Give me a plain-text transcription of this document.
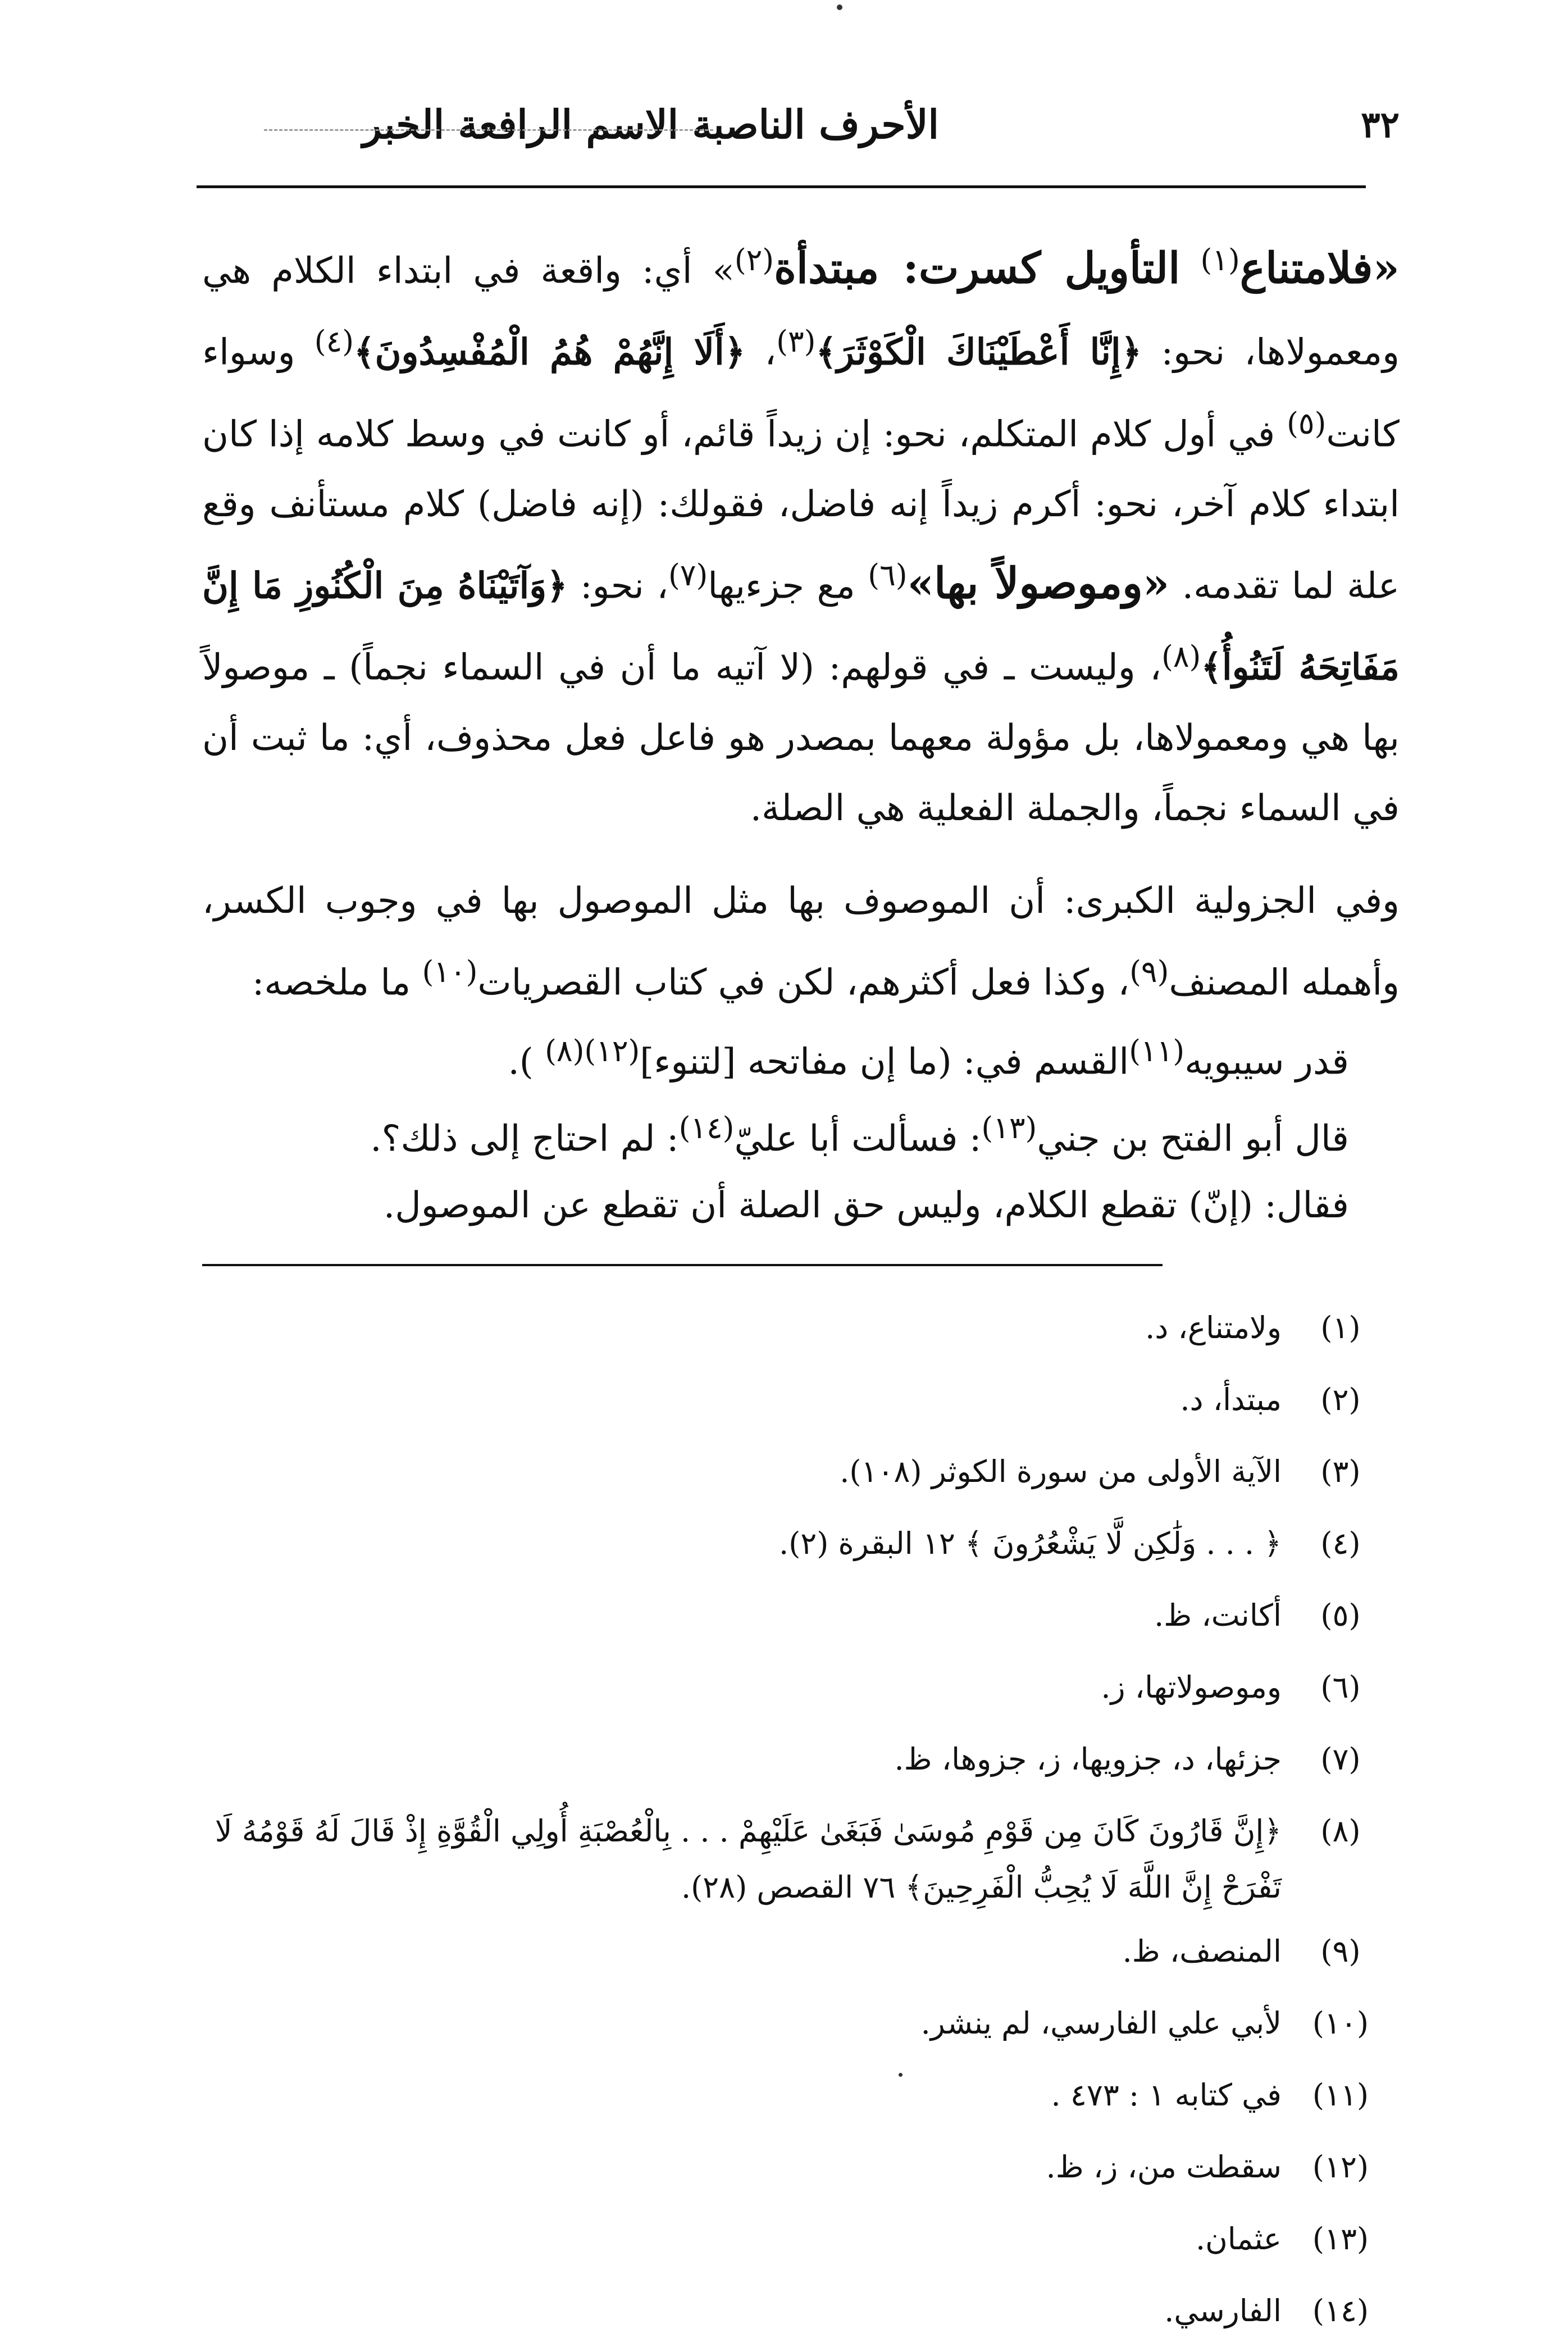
٣٢
الأحرف الناصبة الاسم الرافعة الخبر

«فلامتناع$^{(١)}$ التأويل كسرت: مبتدأة$^{(٢)}$» أي: واقعة في ابتداء الكلام هي ومعمولاها، نحو: ﴿إِنَّا أَعْطَيْنَاكَ الْكَوْثَرَ﴾$^{(٣)}$، ﴿أَلَا إِنَّهُمْ هُمُ الْمُفْسِدُونَ﴾$^{(٤)}$ وسواء كانت$^{(٥)}$ في أول كلام المتكلم، نحو: إن زيداً قائم، أو كانت في وسط كلامه إذا كان ابتداء كلام آخر، نحو: أكرم زيداً إنه فاضل، فقولك: (إنه فاضل) كلام مستأنف وقع علة لما تقدمه. «وموصولاً بها»$^{(٦)}$ مع جزءيها$^{(٧)}$، نحو: ﴿وَآتَيْنَاهُ مِنَ الْكُنُوزِ مَا إِنَّ مَفَاتِحَهُ لَتَنُوأُ﴾$^{(٨)}$، وليست ـ في قولهم: (لا آتيه ما أن في السماء نجماً) ـ موصولاً بها هي ومعمولاها، بل مؤولة معهما بمصدر هو فاعل فعل محذوف، أي: ما ثبت أن في السماء نجماً، والجملة الفعلية هي الصلة.

وفي الجزولية الكبرى: أن الموصوف بها مثل الموصول بها في وجوب الكسر، وأهمله المصنف$^{(٩)}$، وكذا فعل أكثرهم، لكن في كتاب القصريات$^{(١٠)}$ ما ملخصه:

قدر سيبويه$^{(١١)}$القسم في: (ما إن مفاتحه [لتنوء]$^{(١٢)(٨)}$ ).

قال أبو الفتح بن جني$^{(١٣)}$: فسألت أبا عليّ$^{(١٤)}$: لم احتاج إلى ذلك؟.

فقال: (إنّ) تقطع الكلام، وليس حق الصلة أن تقطع عن الموصول.

(١)
ولامتناع، د.
(٢)
مبتدأ، د.
(٣)
الآية الأولى من سورة الكوثر (١٠٨).
(٤)
﴿ . . . وَلَٰكِن لَّا يَشْعُرُونَ ﴾ ١٢ البقرة (٢).
(٥)
أكانت، ظ.
(٦)
وموصولاتها، ز.
(٧)
جزئها، د، جزويها، ز، جزوها، ظ.
(٨)
﴿إِنَّ قَارُونَ كَانَ مِن قَوْمِ مُوسَىٰ فَبَغَىٰ عَلَيْهِمْ . . . بِالْعُصْبَةِ أُولِي الْقُوَّةِ إِذْ قَالَ لَهُ قَوْمُهُ لَا تَفْرَحْ إِنَّ اللَّهَ لَا يُحِبُّ الْفَرِحِينَ﴾ ٧٦ القصص (٢٨).
(٩)
المنصف، ظ.
(١٠)
لأبي علي الفارسي، لم ينشر.
(١١)
في كتابه ١ : ٤٧٣ .
(١٢)
سقطت من، ز، ظ.
(١٣)
عثمان.
(١٤)
الفارسي.
